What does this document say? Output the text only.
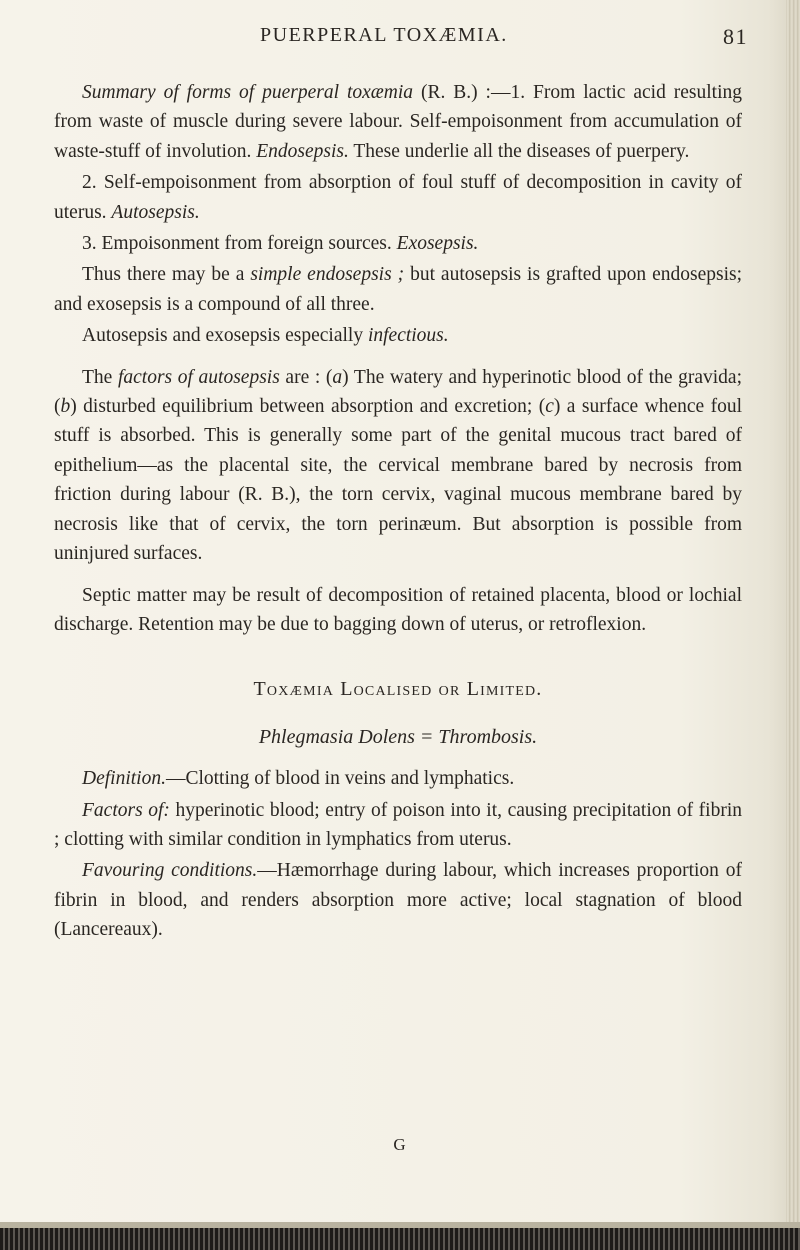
PUERPERAL TOXÆMIA.	81

Summary of forms of puerperal toxæmia (R. B.) :—1. From lactic acid resulting from waste of muscle during severe labour. Self-empoisonment from accumulation of waste-stuff of involution. Endosepsis. These underlie all the diseases of puerpery.

2. Self-empoisonment from absorption of foul stuff of decomposition in cavity of uterus. Autosepsis.

3. Empoisonment from foreign sources. Exosepsis.

Thus there may be a simple endosepsis ; but autosepsis is grafted upon endosepsis; and exosepsis is a compound of all three.

Autosepsis and exosepsis especially infectious.

The factors of autosepsis are : (a) The watery and hyperinotic blood of the gravida; (b) disturbed equilibrium between absorption and excretion; (c) a surface whence foul stuff is absorbed. This is generally some part of the genital mucous tract bared of epithelium—as the placental site, the cervical membrane bared by necrosis from friction during labour (R. B.), the torn cervix, vaginal mucous membrane bared by necrosis like that of cervix, the torn perinæum. But absorption is possible from uninjured surfaces.

Septic matter may be result of decomposition of retained placenta, blood or lochial discharge. Retention may be due to bagging down of uterus, or retroflexion.

Toxæmia Localised or Limited.

Phlegmasia Dolens = Thrombosis.

Definition.—Clotting of blood in veins and lymphatics.

Factors of: hyperinotic blood; entry of poison into it, causing precipitation of fibrin ; clotting with similar condition in lymphatics from uterus.

Favouring conditions.—Hæmorrhage during labour, which increases proportion of fibrin in blood, and renders absorption more active; local stagnation of blood (Lancereaux).

G
